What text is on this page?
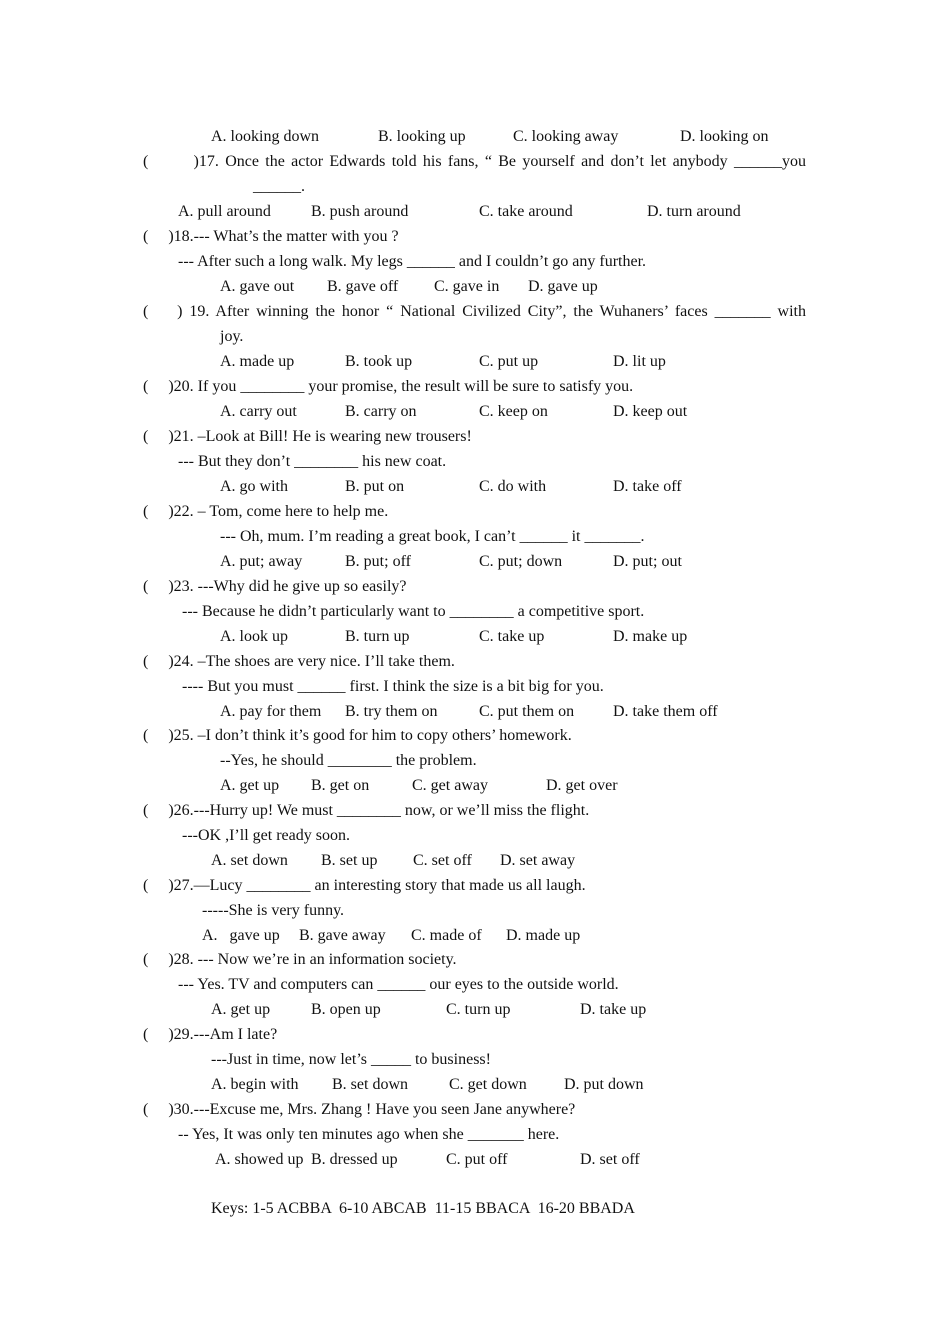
A. looking down	B. looking up	C. looking away	D. looking on
(　 　)17. Once the actor Edwards told his fans, “ Be yourself and don’t let anybody ______you
______.
A. pull around	B. push around	C. take around	D. turn around
(　 )18.--- What’s the matter with you ?
--- After such a long walk. My legs ______ and I couldn’t go any further.
A. gave out B. gave off C. gave in D. gave up
(　 ) 19. After winning the honor “ National Civilized City”, the Wuhaners’ faces _______ with
joy.
A. made up	B. took up	C. put up	D. lit up
(　 )20. If you ________ your promise, the result will be sure to satisfy you.
A. carry out	B. carry on	C. keep on	D. keep out
(　 )21. –Look at Bill! He is wearing new trousers!
--- But they don’t ________ his new coat.
A. go with	B. put on	C. do with	D. take off
(　 )22. – Tom, come here to help me.
--- Oh, mum. I’m reading a great book, I can’t ______ it _______.
A. put; away	B. put; off	C. put; down	D. put; out
(　 )23. ---Why did he give up so easily?
--- Because he didn’t particularly want to ________ a competitive sport.
A. look up	B. turn up	C. take up	D. make up
(　 )24. –The shoes are very nice. I’ll take them.
---- But you must ______ first. I think the size is a bit big for you.
A. pay for them B. try them on	C. put them on D. take them off
(　 )25. –I don’t think it’s good for him to copy others’ homework.
--Yes, he should ________ the problem.
A. get up B. get on	C. get away	D. get over
(　 )26.---Hurry up! We must ________ now, or we’ll miss the flight.
---OK ,I’ll get ready soon.
A. set down B. set up C. set off D. set away
(　 )27.—Lucy ________ an interesting story that made us all laugh.
-----She is very funny.
A.   gave up B. gave away C. made of D. made up
(　 )28. --- Now we’re in an information society.
--- Yes. TV and computers can ______ our eyes to the outside world.
A. get up	B. open up	C. turn up	D. take up
(　 )29.---Am I late?
---Just in time, now let’s _____ to business!
A. begin with B. set down	C. get down D. put down
(　 )30.---Excuse me, Mrs. Zhang ! Have you seen Jane anywhere?
-- Yes, It was only ten minutes ago when she _______ here.
A. showed up B. dressed up	C. put off	D. set off
Keys: 1-5 ACBBA  6-10 ABCAB  11-15 BBACA  16-20 BBADA
